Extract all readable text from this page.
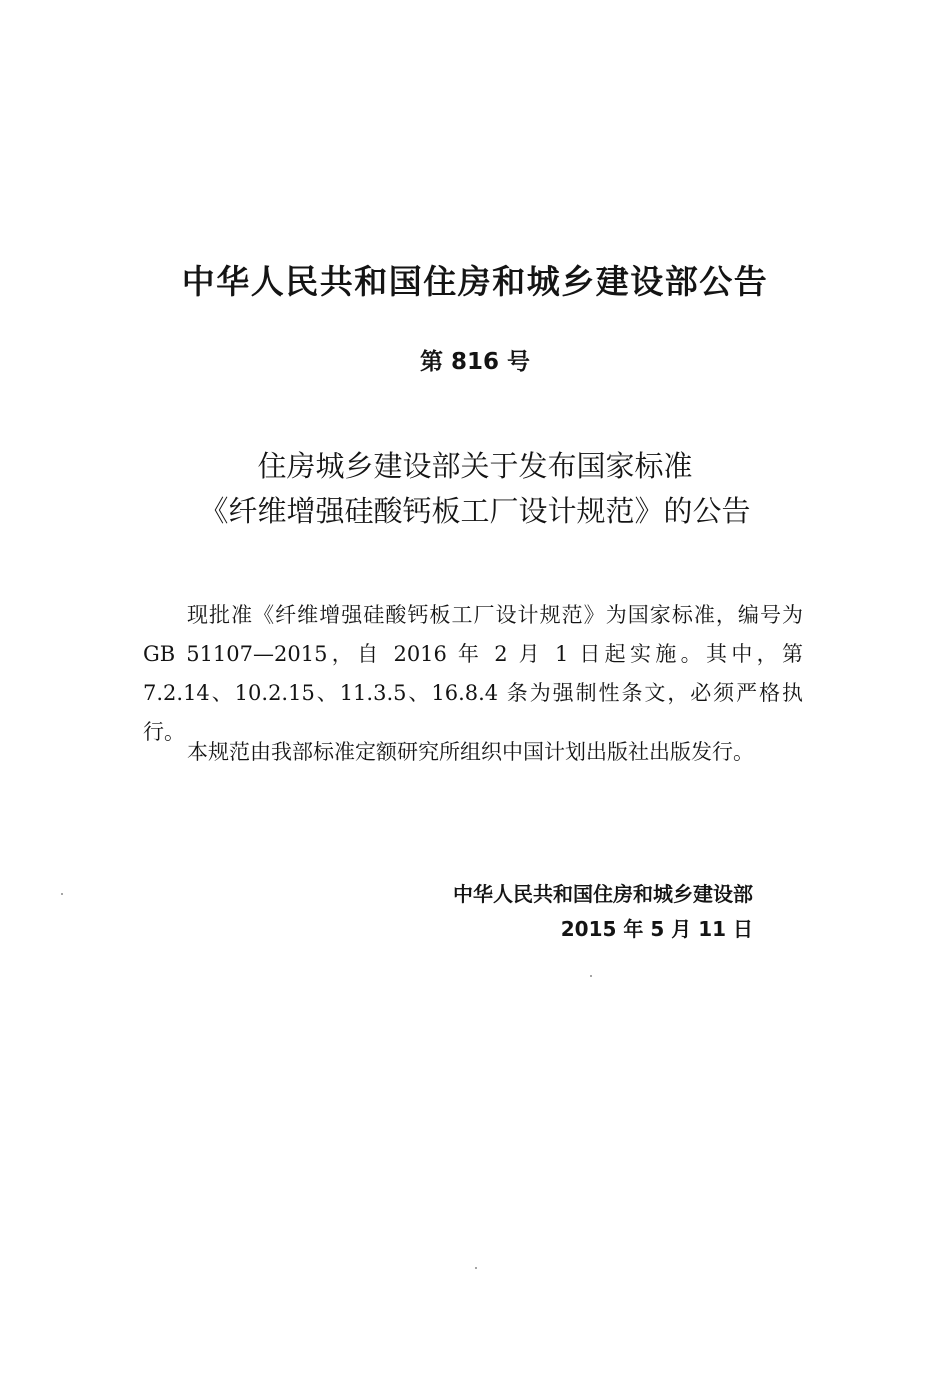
中华人民共和国住房和城乡建设部公告
第 816 号
住房城乡建设部关于发布国家标准
《纤维增强硅酸钙板工厂设计规范》的公告

现批准《纤维增强硅酸钙板工厂设计规范》为国家标准，编号为 GB 51107—2015，自 2016 年 2 月 1 日起实施。其中，第 7.2.14、10.2.15、11.3.5、16.8.4 条为强制性条文，必须严格执行。

本规范由我部标准定额研究所组织中国计划出版社出版发行。

中华人民共和国住房和城乡建设部
2015 年 5 月 11 日
